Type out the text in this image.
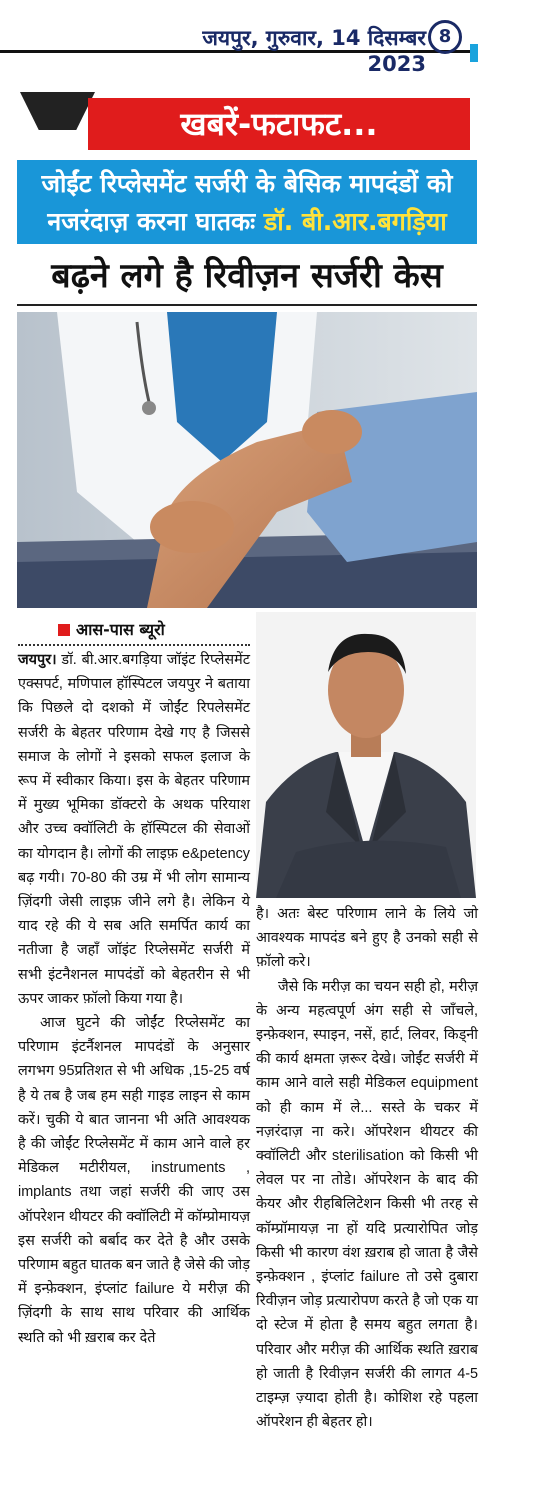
जयपुर, गुरुवार, 14 दिसम्बर 2023
8
खबरें-फटाफट...
जोईंट रिप्लेसमेंट सर्जरी के बेसिक मापदंडों को
नजरंदाज़ करना घातकः डॉ. बी.आर.बगड़िया
बढ़ने लगे है रिवीज़न सर्जरी केस
आस-पास ब्यूरो

जयपुर। डॉ. बी.आर.बगड़िया जॉइंट रिप्लेसमेंट एक्सपर्ट, मणिपाल हॉस्पिटल जयपुर ने बताया कि पिछले दो दशको में जोईंट रिपलेसमेंट सर्जरी के बेहतर परिणाम देखे गए है जिससे समाज के लोगों ने इसको सफल इलाज के रूप में स्वीकार किया। इस के बेहतर परिणाम में मुख्य भूमिका डॉक्टरो के अथक परियाश और उच्च क्वॉलिटी के हॉस्पिटल की सेवाओं का योगदान है। लोगों की लाइफ़ e&petency बढ़ गयी। 70-80 की उम्र में भी लोग सामान्य ज़िंदगी जेसी लाइफ़ जीने लगे है। लेकिन ये याद रहे की ये सब अति समर्पित कार्य का नतीजा है जहाँ जॉइंट रिप्लेसमेंट सर्जरी में सभी इंटनैशनल मापदंडों को बेहतरीन से भी ऊपर जाकर फ़ॉलो किया गया है।

आज घुटने की जोईंट रिप्लेसमेंट का परिणाम इंटर्नैशनल मापदंडों के अनुसार लगभग 95प्रतिशत से भी अधिक ,15-25 वर्ष है ये तब है जब हम सही गाइड लाइन से काम करें। चुकी ये बात जानना भी अति आवश्यक है की जोईंट रिप्लेसमेंट में काम आने वाले हर मेडिकल मटीरीयल, instruments , implants तथा जहां सर्जरी की जाए उस ऑपरेशन थीयटर की क्वॉलिटी में कॉम्प्रोमायज़ इस सर्जरी को बर्बाद कर देते है और उसके परिणाम बहुत घातक बन जाते है जेसे की जोड़ में इन्फ़ेक्शन, इंप्लांट failure ये मरीज़ की ज़िंदगी के साथ साथ परिवार की आर्थिक स्थति को भी ख़राब कर देते

है। अतः बेस्ट परिणाम लाने के लिये जो आवश्यक मापदंड बने हुए है उनको सही से फ़ॉलो करे।

जैसे कि मरीज़ का चयन सही हो, मरीज़ के अन्य महत्वपूर्ण अंग सही से जाँचले, इन्फ़ेक्शन, स्पाइन, नसें, हार्ट, लिवर, किड्नी की कार्य क्षमता ज़रूर देखे। जोईंट सर्जरी में काम आने वाले सही मेडिकल equipment को ही काम में ले... सस्ते के चकर में नज़रंदाज़ ना करे। ऑपरेशन थीयटर की क्वॉलिटी और sterilisation को किसी भी लेवल पर ना तोडे। ऑपरेशन के बाद की केयर और रीहबिलिटेशन किसी भी तरह से कॉम्प्रॉमायज़ ना हों यदि प्रत्यारोपित जोड़ किसी भी कारण वंश ख़राब हो जाता है जैसे इन्फ़ेक्शन , इंप्लांट failure तो उसे दुबारा रिवीज़न जोड़ प्रत्यारोपण करते है जो एक या दो स्टेज में होता है समय बहुत लगता है। परिवार और मरीज़ की आर्थिक स्थति ख़राब हो जाती है रिवीज़न सर्जरी की लागत 4-5 टाइम्ज़ ज़्यादा होती है। कोशिश रहे पहला ऑपरेशन ही बेहतर हो।
